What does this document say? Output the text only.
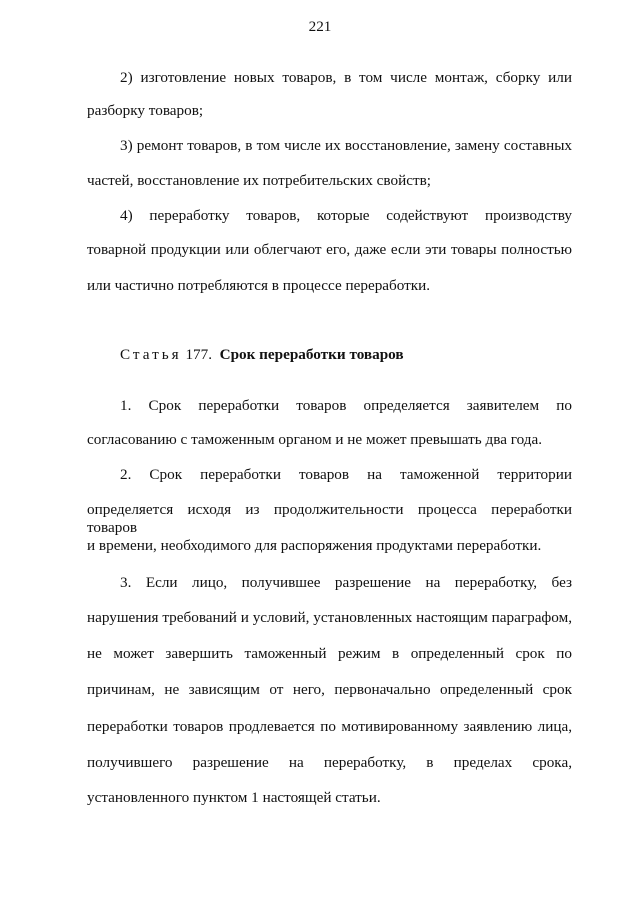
221
2) изготовление новых товаров, в том числе монтаж, сборку или
разборку товаров;
3) ремонт товаров, в том числе их восстановление, замену составных
частей, восстановление их потребительских свойств;
4) переработку товаров, которые содействуют производству
товарной продукции или облегчают его, даже если эти товары полностью
или частично потребляются в процессе переработки.
Статья 177. Срок переработки товаров
1. Срок переработки товаров определяется заявителем по
согласованию с таможенным органом и не может превышать два года.
2. Срок переработки товаров на таможенной территории
определяется исходя из продолжительности процесса переработки товаров
и времени, необходимого для распоряжения продуктами переработки.
3. Если лицо, получившее разрешение на переработку, без
нарушения требований и условий, установленных настоящим параграфом,
не может завершить таможенный режим в определенный срок по
причинам, не зависящим от него, первоначально определенный срок
переработки товаров продлевается по мотивированному заявлению лица,
получившего разрешение на переработку, в пределах срока,
установленного пунктом 1 настоящей статьи.
